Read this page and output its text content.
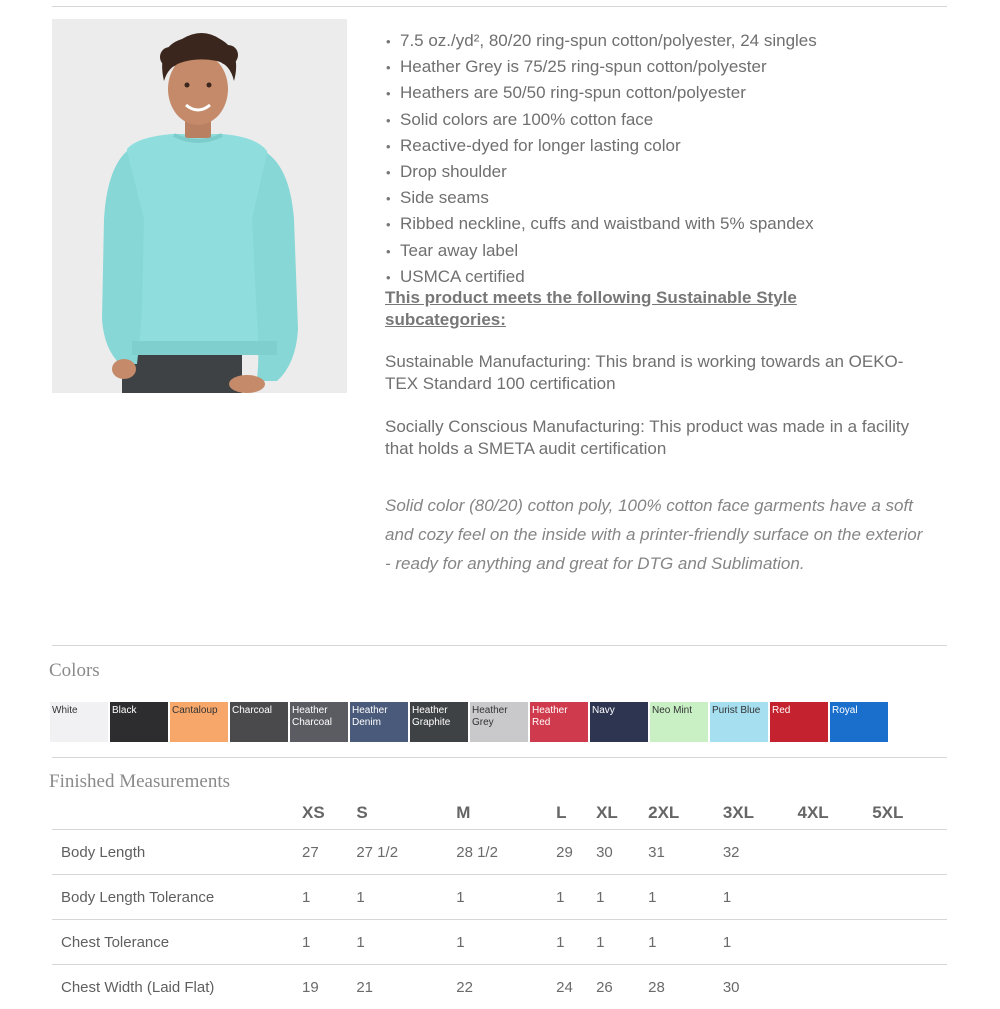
• 7.5 oz./yd², 80/20 ring-spun cotton/polyester, 24 singles
• Heather Grey is 75/25 ring-spun cotton/polyester
• Heathers are 50/50 ring-spun cotton/polyester
• Solid colors are 100% cotton face
• Reactive-dyed for longer lasting color
• Drop shoulder
• Side seams
• Ribbed neckline, cuffs and waistband with 5% spandex
• Tear away label
• USMCA certified

This product meets the following Sustainable Style subcategories:

Sustainable Manufacturing: This brand is working towards an OEKO-TEX Standard 100 certification

Socially Conscious Manufacturing: This product was made in a facility that holds a SMETA audit certification

Solid color (80/20) cotton poly, 100% cotton face garments have a soft and cozy feel on the inside with a printer-friendly surface on the exterior - ready for anything and great for DTG and Sublimation.

Colors

White	Black	Cantaloup	Charcoal	Heather Charcoal
Heather Denim
Heather Graphite
Heather Grey
Heather Red
Navy	Neo Mint	Purist Blue	Red	Royal

Finished Measurements

	XS	S	M	L	XL	2XL	3XL	4XL	5XL
Body Length	27	27 1/2	28 1/2	29	30	31	32		
Body Length Tolerance	1	1	1	1	1	1	1		
Chest Tolerance	1	1	1	1	1	1	1		
Chest Width (Laid Flat)	19	21	22	24	26	28	30		
